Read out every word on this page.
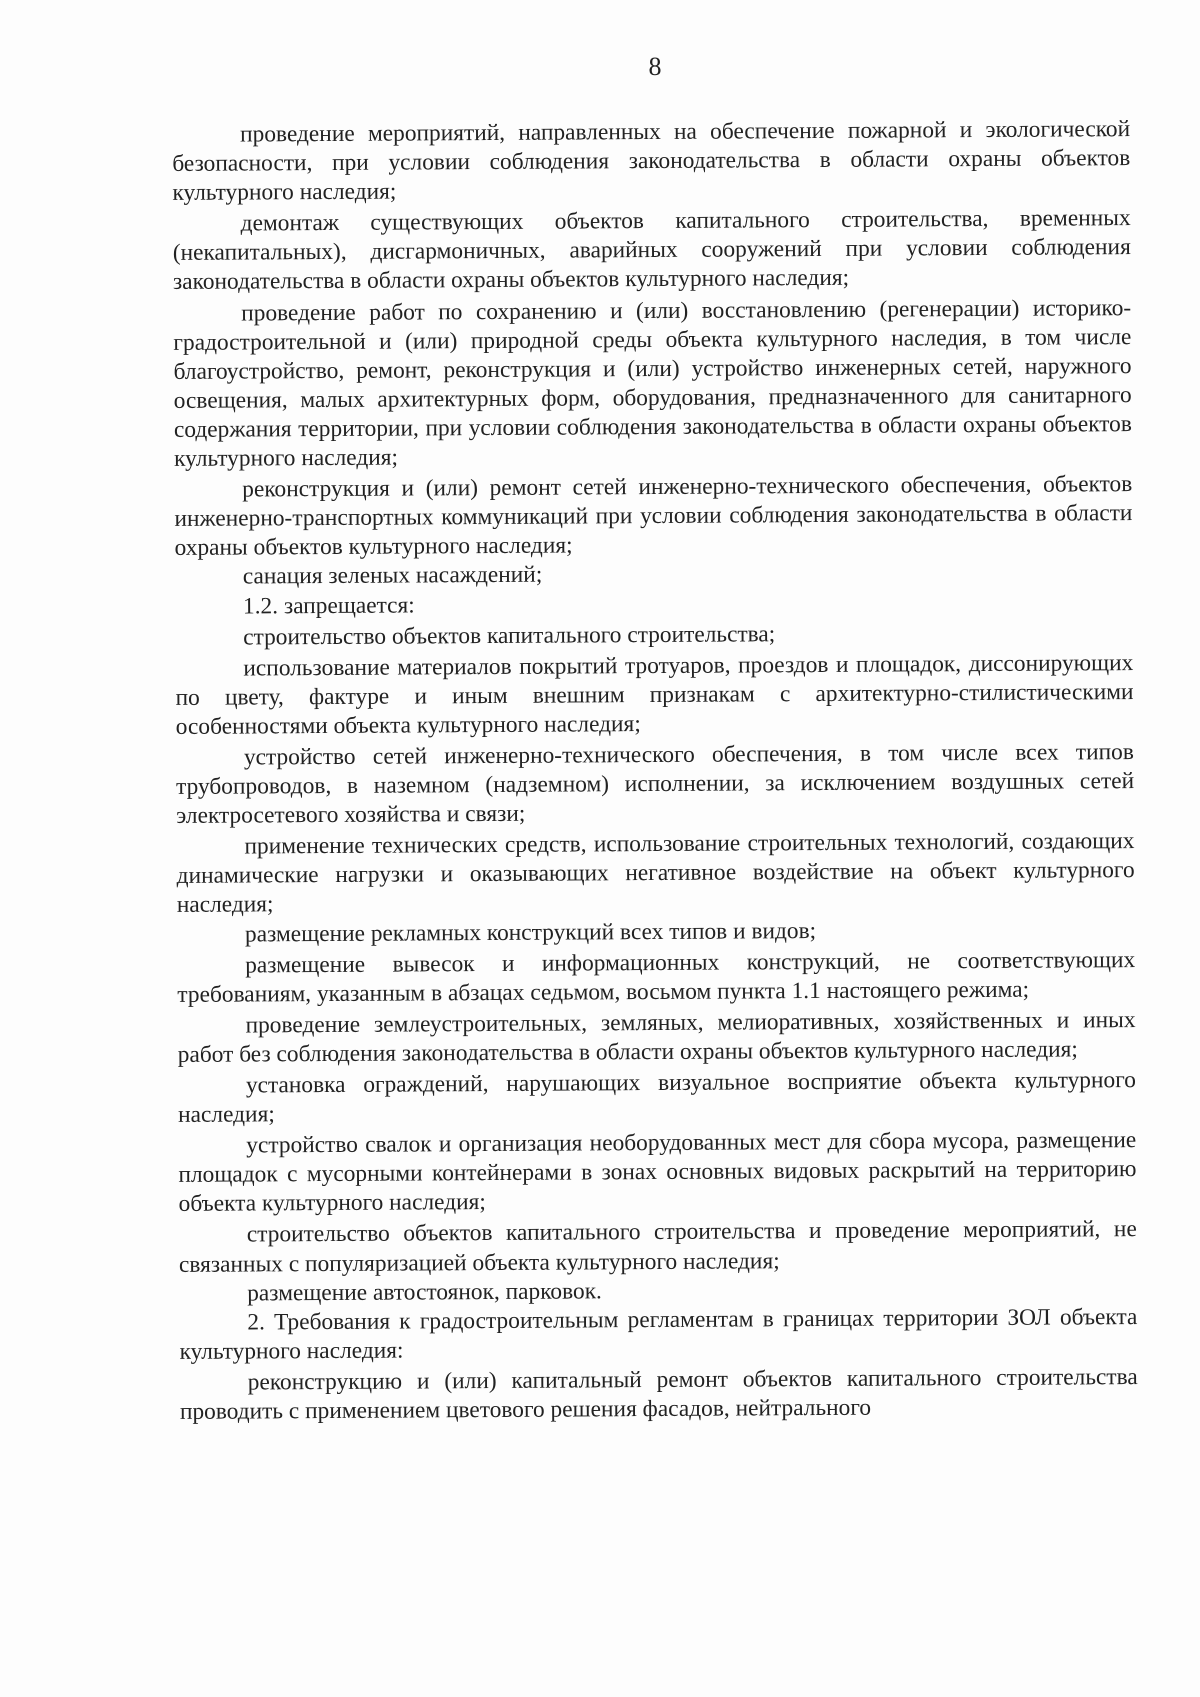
8

проведение мероприятий, направленных на обеспечение пожарной и экологической безопасности, при условии соблюдения законодательства в области охраны объектов культурного наследия;

демонтаж существующих объектов капитального строительства, временных (некапитальных), дисгармоничных, аварийных сооружений при условии соблюдения законодательства в области охраны объектов культурного наследия;

проведение работ по сохранению и (или) восстановлению (регенерации) историко-градостроительной и (или) природной среды объекта культурного наследия, в том числе благоустройство, ремонт, реконструкция и (или) устройство инженерных сетей, наружного освещения, малых архитектурных форм, оборудования, предназначенного для санитарного содержания территории, при условии соблюдения законодательства в области охраны объектов культурного наследия;

реконструкция и (или) ремонт сетей инженерно-технического обеспечения, объектов инженерно-транспортных коммуникаций при условии соблюдения законодательства в области охраны объектов культурного наследия;

санация зеленых насаждений;

1.2. запрещается:

строительство объектов капитального строительства;

использование материалов покрытий тротуаров, проездов и площадок, диссонирующих по цвету, фактуре и иным внешним признакам с архитектурно-стилистическими особенностями объекта культурного наследия;

устройство сетей инженерно-технического обеспечения, в том числе всех типов трубопроводов, в наземном (надземном) исполнении, за исключением воздушных сетей электросетевого хозяйства и связи;

применение технических средств, использование строительных технологий, создающих динамические нагрузки и оказывающих негативное воздействие на объект культурного наследия;

размещение рекламных конструкций всех типов и видов;

размещение вывесок и информационных конструкций, не соответствующих требованиям, указанным в абзацах седьмом, восьмом пункта 1.1 настоящего режима;

проведение землеустроительных, земляных, мелиоративных, хозяйственных и иных работ без соблюдения законодательства в области охраны объектов культурного наследия;

установка ограждений, нарушающих визуальное восприятие объекта культурного наследия;

устройство свалок и организация необорудованных мест для сбора мусора, размещение площадок с мусорными контейнерами в зонах основных видовых раскрытий на территорию объекта культурного наследия;

строительство объектов капитального строительства и проведение мероприятий, не связанных с популяризацией объекта культурного наследия;

размещение автостоянок, парковок.

2. Требования к градостроительным регламентам в границах территории ЗОЛ объекта культурного наследия:

реконструкцию и (или) капитальный ремонт объектов капитального строительства проводить с применением цветового решения фасадов, нейтрального
